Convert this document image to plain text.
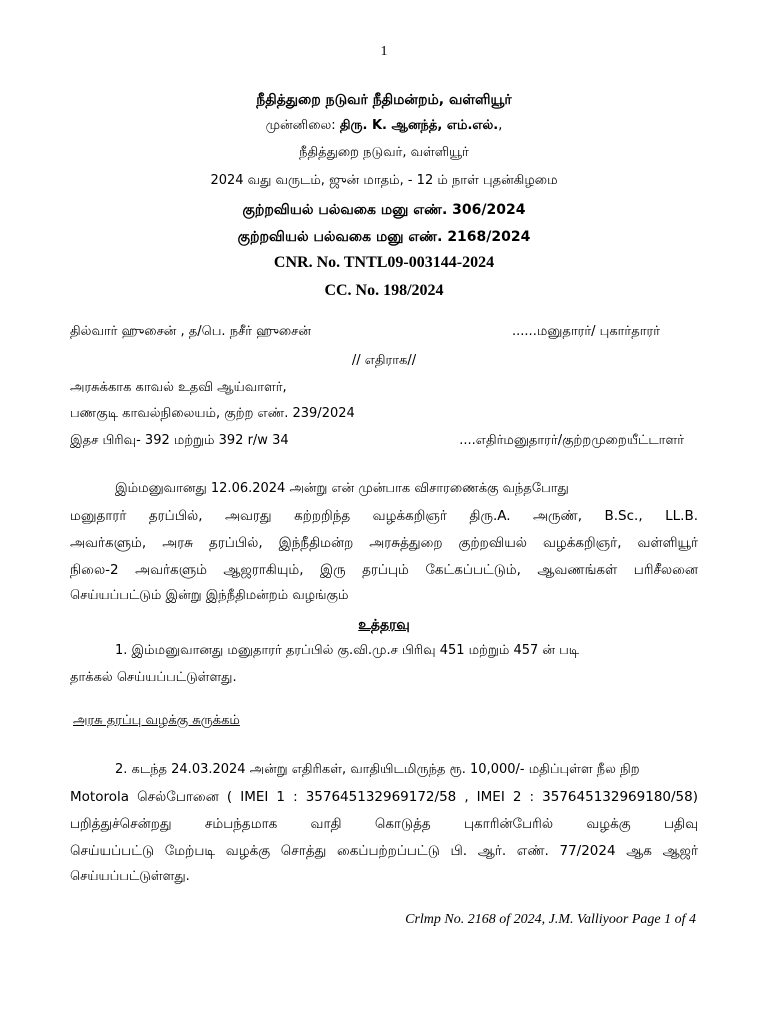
1
நீதித்துறை நடுவர் நீதிமன்றம், வள்ளியூர்
முன்னிலை: திரு. K. ஆனந்த், எம்.எல்.,
நீதித்துறை நடுவர், வள்ளியூர்
2024 வது வருடம், ஜுன் மாதம், - 12 ம் நாள் புதன்கிழமை
குற்றவியல் பல்வகை மனு எண். 306/2024
குற்றவியல் பல்வகை மனு எண். 2168/2024
CNR. No. TNTL09-003144-2024
CC. No. 198/2024
தில்வார் ஹுசைன் , த/பெ. நசீர் ஹுசைன்	......மனுதாரர்/ புகார்தாரர்
// எதிராக//
அரசுக்காக காவல் உதவி ஆய்வாளர்,
பணகுடி காவல்நிலையம், குற்ற எண். 239/2024
இதச பிரிவு- 392 மற்றும் 392 r/w 34	....எதிர்மனுதாரர்/குற்றமுறையீட்டாளர்
இம்மனுவானது 12.06.2024 அன்று என் முன்பாக விசாரணைக்கு வந்தபோது
மனுதாரர் தரப்பில், அவரது கற்றறிந்த வழக்கறிஞர் திரு.A. அருண், B.Sc., LL.B.
அவர்களும், அரசு தரப்பில், இந்நீதிமன்ற அரசுத்துறை குற்றவியல் வழக்கறிஞர், வள்ளியூர்
நிலை-2 அவர்களும் ஆஜராகியும், இரு தரப்பும் கேட்கப்பட்டும், ஆவணங்கள் பரிசீலனை
செய்யப்பட்டும் இன்று இந்நீதிமன்றம் வழங்கும்
உத்தரவு
1. இம்மனுவானது மனுதாரர் தரப்பில் கு.வி.மு.ச பிரிவு 451 மற்றும் 457 ன் படி
தாக்கல் செய்யப்பட்டுள்ளது.
அரசு தரப்பு வழக்கு சுருக்கம்
2. கடந்த 24.03.2024 அன்று எதிரிகள், வாதியிடமிருந்த ரூ. 10,000/- மதிப்புள்ள நீல நிற
Motorola செல்போனை ( IMEI 1 : 357645132969172/58 , IMEI 2 : 357645132969180/58)
பறித்துச்சென்றது சம்பந்தமாக வாதி கொடுத்த புகாரின்பேரில் வழக்கு பதிவு
செய்யப்பட்டு மேற்படி வழக்கு சொத்து கைப்பற்றப்பட்டு பி. ஆர். எண். 77/2024 ஆக ஆஜர்
செய்யப்பட்டுள்ளது.
Crlmp No. 2168 of 2024, J.M. Valliyoor Page 1 of 4
